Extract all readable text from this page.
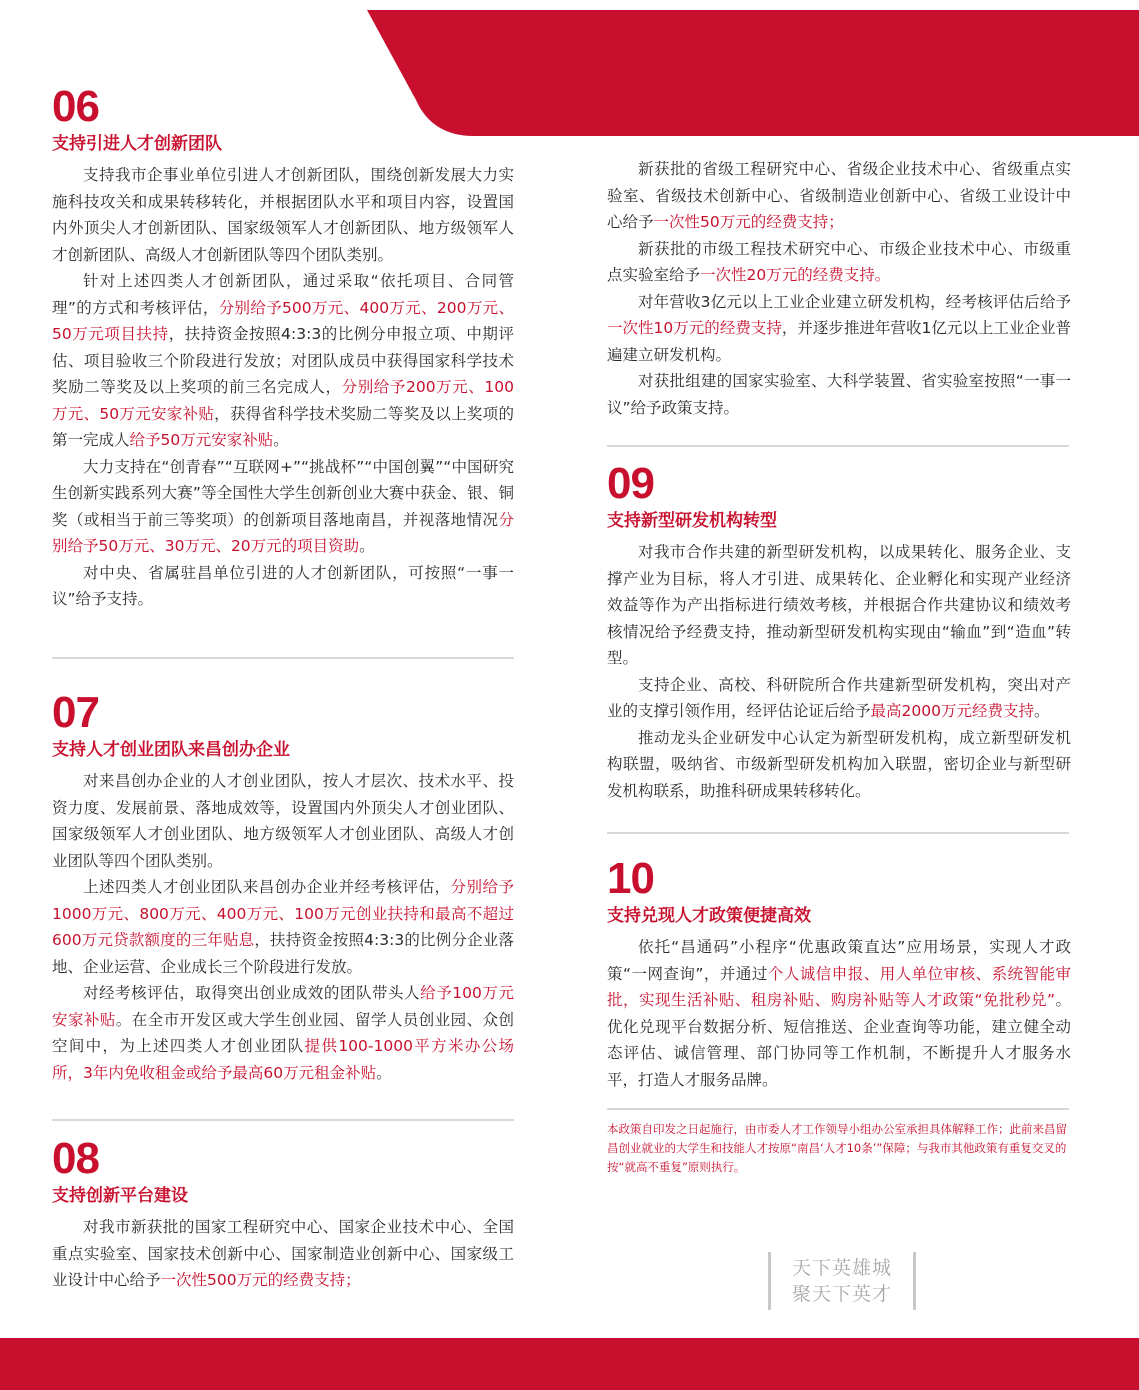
06
支持引进人才创新团队

支持我市企事业单位引进人才创新团队，围绕创新发展大力实施科技攻关和成果转移转化，并根据团队水平和项目内容，设置国内外顶尖人才创新团队、国家级领军人才创新团队、地方级领军人才创新团队、高级人才创新团队等四个团队类别。

针对上述四类人才创新团队，通过采取“依托项目、合同管理”的方式和考核评估，分别给予500万元、400万元、200万元、50万元项目扶持，扶持资金按照4:3:3的比例分申报立项、中期评估、项目验收三个阶段进行发放；对团队成员中获得国家科学技术奖励二等奖及以上奖项的前三名完成人，分别给予200万元、100万元、50万元安家补贴，获得省科学技术奖励二等奖及以上奖项的第一完成人给予50万元安家补贴。

大力支持在“创青春”“互联网+”“挑战杯”“中国创翼”“中国研究生创新实践系列大赛”等全国性大学生创新创业大赛中获金、银、铜奖（或相当于前三等奖项）的创新项目落地南昌，并视落地情况分别给予50万元、30万元、20万元的项目资助。

对中央、省属驻昌单位引进的人才创新团队，可按照“一事一议”给予支持。

07
支持人才创业团队来昌创办企业

对来昌创办企业的人才创业团队，按人才层次、技术水平、投资力度、发展前景、落地成效等，设置国内外顶尖人才创业团队、国家级领军人才创业团队、地方级领军人才创业团队、高级人才创业团队等四个团队类别。

上述四类人才创业团队来昌创办企业并经考核评估，分别给予1000万元、800万元、400万元、100万元创业扶持和最高不超过600万元贷款额度的三年贴息，扶持资金按照4:3:3的比例分企业落地、企业运营、企业成长三个阶段进行发放。

对经考核评估，取得突出创业成效的团队带头人给予100万元安家补贴。在全市开发区或大学生创业园、留学人员创业园、众创空间中，为上述四类人才创业团队提供100-1000平方米办公场所，3年内免收租金或给予最高60万元租金补贴。

08
支持创新平台建设

对我市新获批的国家工程研究中心、国家企业技术中心、全国重点实验室、国家技术创新中心、国家制造业创新中心、国家级工业设计中心给予一次性500万元的经费支持；

新获批的省级工程研究中心、省级企业技术中心、省级重点实验室、省级技术创新中心、省级制造业创新中心、省级工业设计中心给予一次性50万元的经费支持；

新获批的市级工程技术研究中心、市级企业技术中心、市级重点实验室给予一次性20万元的经费支持。

对年营收3亿元以上工业企业建立研发机构，经考核评估后给予一次性10万元的经费支持，并逐步推进年营收1亿元以上工业企业普遍建立研发机构。

对获批组建的国家实验室、大科学装置、省实验室按照“一事一议”给予政策支持。

09
支持新型研发机构转型

对我市合作共建的新型研发机构，以成果转化、服务企业、支撑产业为目标，将人才引进、成果转化、企业孵化和实现产业经济效益等作为产出指标进行绩效考核，并根据合作共建协议和绩效考核情况给予经费支持，推动新型研发机构实现由“输血”到“造血”转型。

支持企业、高校、科研院所合作共建新型研发机构，突出对产业的支撑引领作用，经评估论证后给予最高2000万元经费支持。

推动龙头企业研发中心认定为新型研发机构，成立新型研发机构联盟，吸纳省、市级新型研发机构加入联盟，密切企业与新型研发机构联系，助推科研成果转移转化。

10
支持兑现人才政策便捷高效

依托“昌通码”小程序“优惠政策直达”应用场景，实现人才政策“一网查询”，并通过个人诚信申报、用人单位审核、系统智能审批，实现生活补贴、租房补贴、购房补贴等人才政策“免批秒兑”。优化兑现平台数据分析、短信推送、企业查询等功能，建立健全动态评估、诚信管理、部门协同等工作机制，不断提升人才服务水平，打造人才服务品牌。

本政策自印发之日起施行，由市委人才工作领导小组办公室承担具体解释工作；此前来昌留昌创业就业的大学生和技能人才按原“南昌‘人才10条’”保障；与我市其他政策有重复交叉的按“就高不重复”原则执行。
天下英雄城
聚天下英才
